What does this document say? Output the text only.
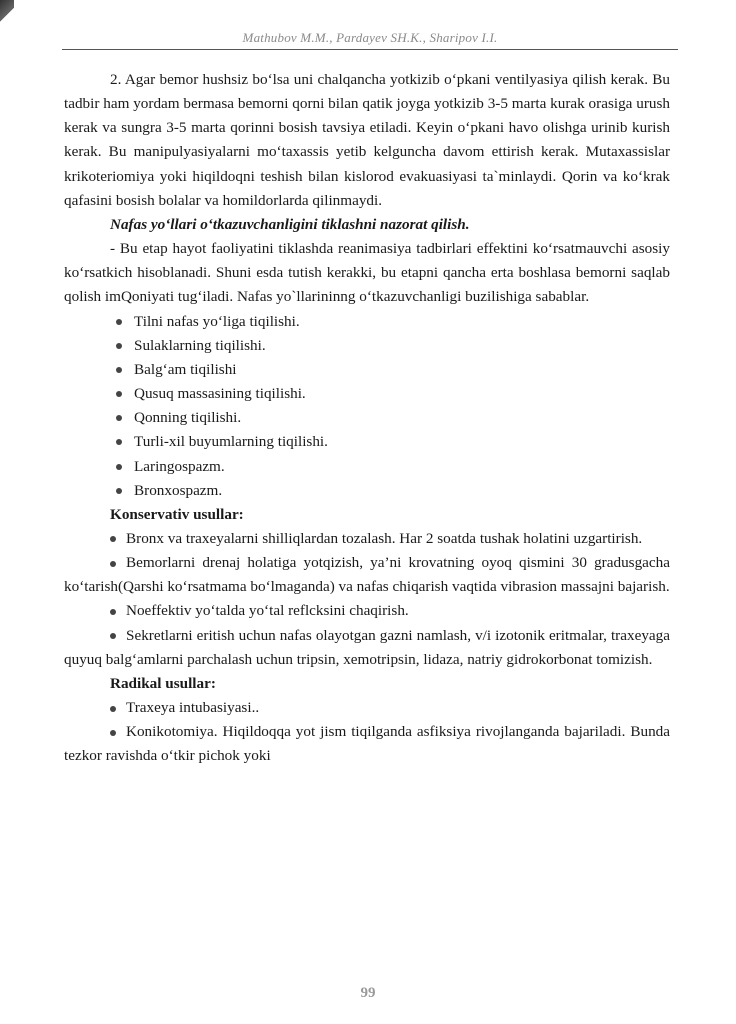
Mathubov M.M., Pardayev SH.K., Sharipov I.I.

2. Agar bemor hushsiz bo‘lsa uni chalqancha yotkizib o‘pkani ventilyasiya qilish kerak. Bu tadbir ham yordam bermasa bemorni qorni bilan qatik joyga yotkizib 3-5 marta kurak orasiga urush kerak va sungra 3-5 marta qorinni bosish tavsiya etiladi. Keyin o‘pkani havo olishga urinib kurish kerak. Bu manipulyasiyalarni mo‘taxassis yetib kelguncha davom ettirish kerak. Mutaxassislar krikoteriomiya yoki hiqildoqni teshish bilan kislorod evakuasiyasi ta`minlaydi. Qorin va ko‘krak qafasini bosish bolalar va homildorlarda qilinmaydi.

Nafas yo‘llari o‘tkazuvchanligini tiklashni nazorat qilish.

- Bu etap hayot faoliyatini tiklashda reanimasiya tadbirlari effektini ko‘rsatmauvchi asosiy ko‘rsatkich hisoblanadi. Shuni esda tutish kerakki, bu etapni qancha erta boshlasa bemorni saqlab qolish imQoniyati tug‘iladi. Nafas yo`llarininng o‘tkazuvchanligi buzilishiga sabablar.

Tilni nafas yo‘liga tiqilishi.
Sulaklarning tiqilishi.
Balg‘am tiqilishi
Qusuq massasining tiqilishi.
Qonning tiqilishi.
Turli-xil buyumlarning tiqilishi.
Laringospazm.
Bronxospazm.

Konservativ usullar:

Bronx va traxeyalarni shilliqlardan tozalash. Har 2 soatda tushak holatini uzgartirish.

Bemorlarni drenaj holatiga yotqizish, ya’ni krovatning oyoq qismini 30 gradusgacha ko‘tarish(Qarshi ko‘rsatmama bo‘lmaganda) va nafas chiqarish vaqtida vibrasion massajni bajarish.

Noeffektiv yo‘talda yo‘tal reflcksini chaqirish.

Sekretlarni eritish uchun nafas olayotgan gazni namlash, v/i izotonik eritmalar, traxeyaga quyuq balg‘amlarni parchalash uchun tripsin, xemotripsin, lidaza, natriy gidrokorbonat tomizish.

Radikal usullar:

Traxeya intubasiyasi..

Konikotomiya. Hiqildoqqa yot jism tiqilganda asfiksiya rivojlanganda bajariladi. Bunda tezkor ravishda o‘tkir pichok yoki

99
